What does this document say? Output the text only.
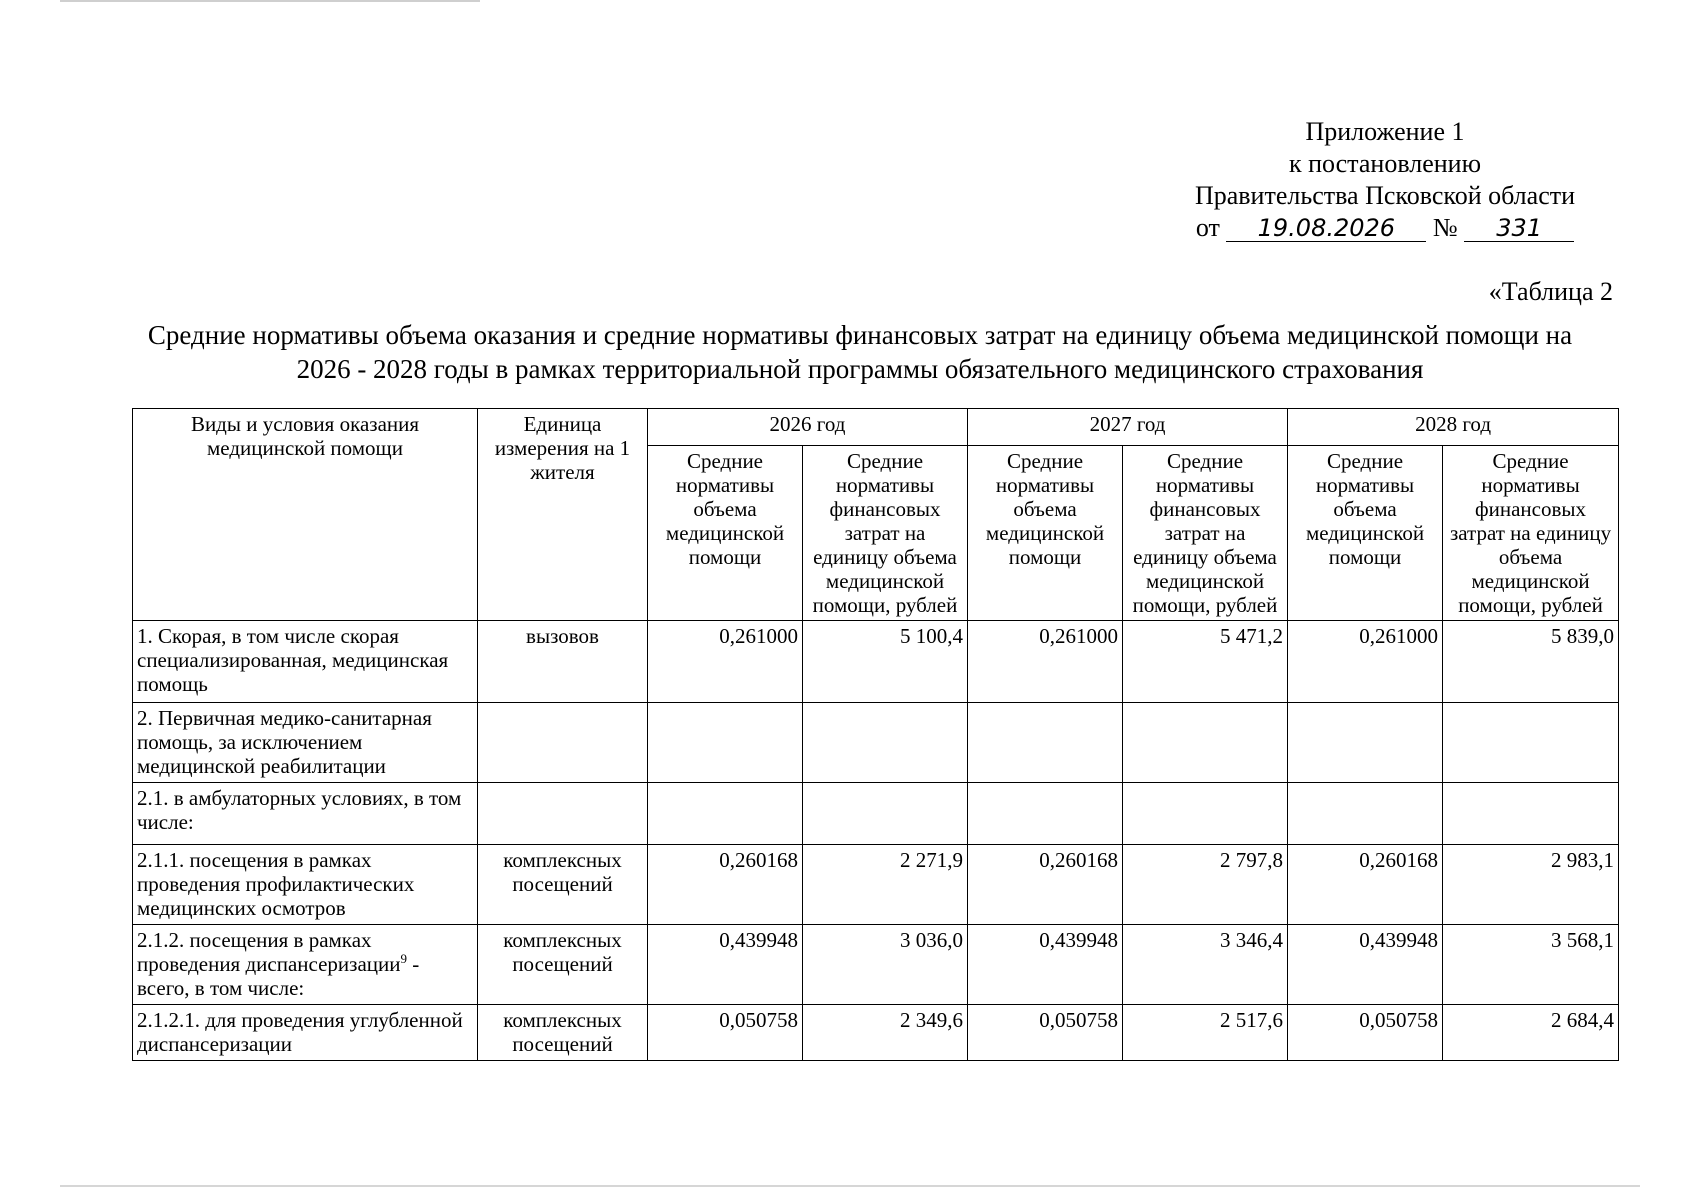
Приложение 1
к постановлению
Правительства Псковской области
от 19.08.2026 № 331
«Таблица 2
Средние нормативы объема оказания и средние нормативы финансовых затрат на единицу объема медицинской помощи на 2026 - 2028 годы в рамках территориальной программы обязательного медицинского страхования
Виды и условия оказания медицинской помощи	Единица измерения на 1 жителя	2026 год		2027 год		2028 год	
		Средние нормативы объема медицинской помощи	Средние нормативы финансовых затрат на единицу объема медицинской помощи, рублей	Средние нормативы объема медицинской помощи	Средние нормативы финансовых затрат на единицу объема медицинской помощи, рублей	Средние нормативы объема медицинской помощи	Средние нормативы финансовых затрат на единицу объема медицинской помощи, рублей
1. Скорая, в том числе скорая специализированная, медицинская помощь	вызовов	0,261000	5 100,4	0,261000	5 471,2	0,261000	5 839,0
2. Первичная медико-санитарная помощь, за исключением медицинской реабилитации							
2.1. в амбулаторных условиях, в том числе:							
2.1.1. посещения в рамках проведения профилактических медицинских осмотров	комплексных посещений	0,260168	2 271,9	0,260168	2 797,8	0,260168	2 983,1
2.1.2. посещения в рамках проведения диспансеризации$^9$ - всего, в том числе:	комплексных посещений	0,439948	3 036,0	0,439948	3 346,4	0,439948	3 568,1
2.1.2.1. для проведения углубленной диспансеризации	комплексных посещений	0,050758	2 349,6	0,050758	2 517,6	0,050758	2 684,4
